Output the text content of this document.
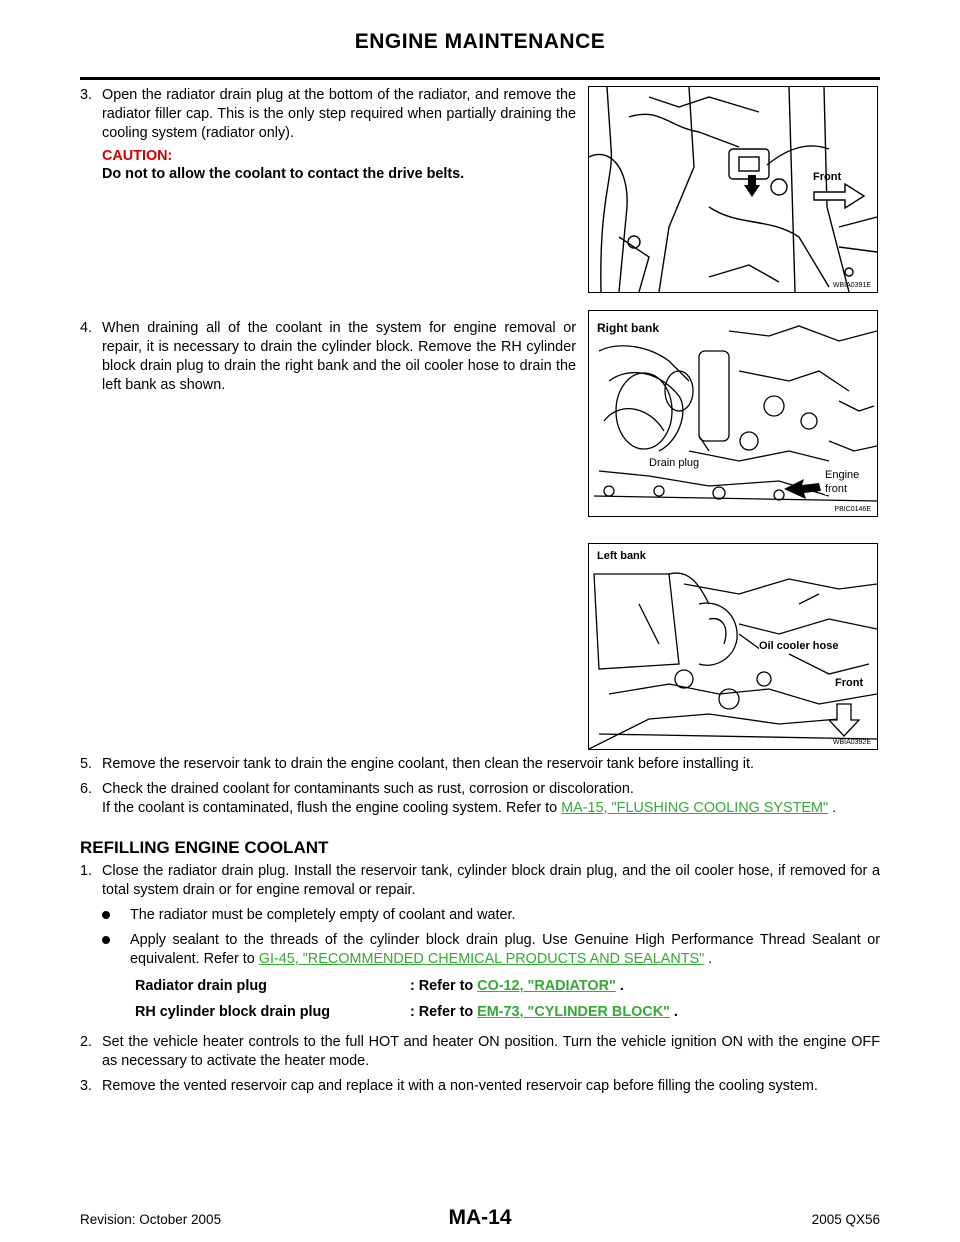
ENGINE MAINTENANCE
3. Open the radiator drain plug at the bottom of the radiator, and remove the radiator filler cap. This is the only step required when partially draining the cooling system (radiator only).
CAUTION:
Do not to allow the coolant to contact the drive belts.	Front
WBIA0391E
4. When draining all of the coolant in the system for engine removal or repair, it is necessary to drain the cylinder block. Remove the RH cylinder block drain plug to drain the right bank and the oil cooler hose to drain the left bank as shown.
Right bank
Drain plug
Engine
front
PBIC0146E
Left bank
Oil cooler hose
Front
WBIA0392E
5. Remove the reservoir tank to drain the engine coolant, then clean the reservoir tank before installing it.
6. Check the drained coolant for contaminants such as rust, corrosion or discoloration.
If the coolant is contaminated, flush the engine cooling system. Refer to MA-15, "FLUSHING COOLING SYSTEM" .
REFILLING ENGINE COOLANT
1. Close the radiator drain plug. Install the reservoir tank, cylinder block drain plug, and the oil cooler hose, if removed for a total system drain or for engine removal or repair.
The radiator must be completely empty of coolant and water.
Apply sealant to the threads of the cylinder block drain plug. Use Genuine High Performance Thread Sealant or equivalent. Refer to GI-45, "RECOMMENDED CHEMICAL PRODUCTS AND SEALANTS" .
Radiator drain plug	: Refer to CO-12, "RADIATOR" .
RH cylinder block drain plug	: Refer to EM-73, "CYLINDER BLOCK" .
2. Set the vehicle heater controls to the full HOT and heater ON position. Turn the vehicle ignition ON with the engine OFF as necessary to activate the heater mode.
3. Remove the vented reservoir cap and replace it with a non-vented reservoir cap before filling the cooling system.
MA-14
Revision: October 2005	2005 QX56
